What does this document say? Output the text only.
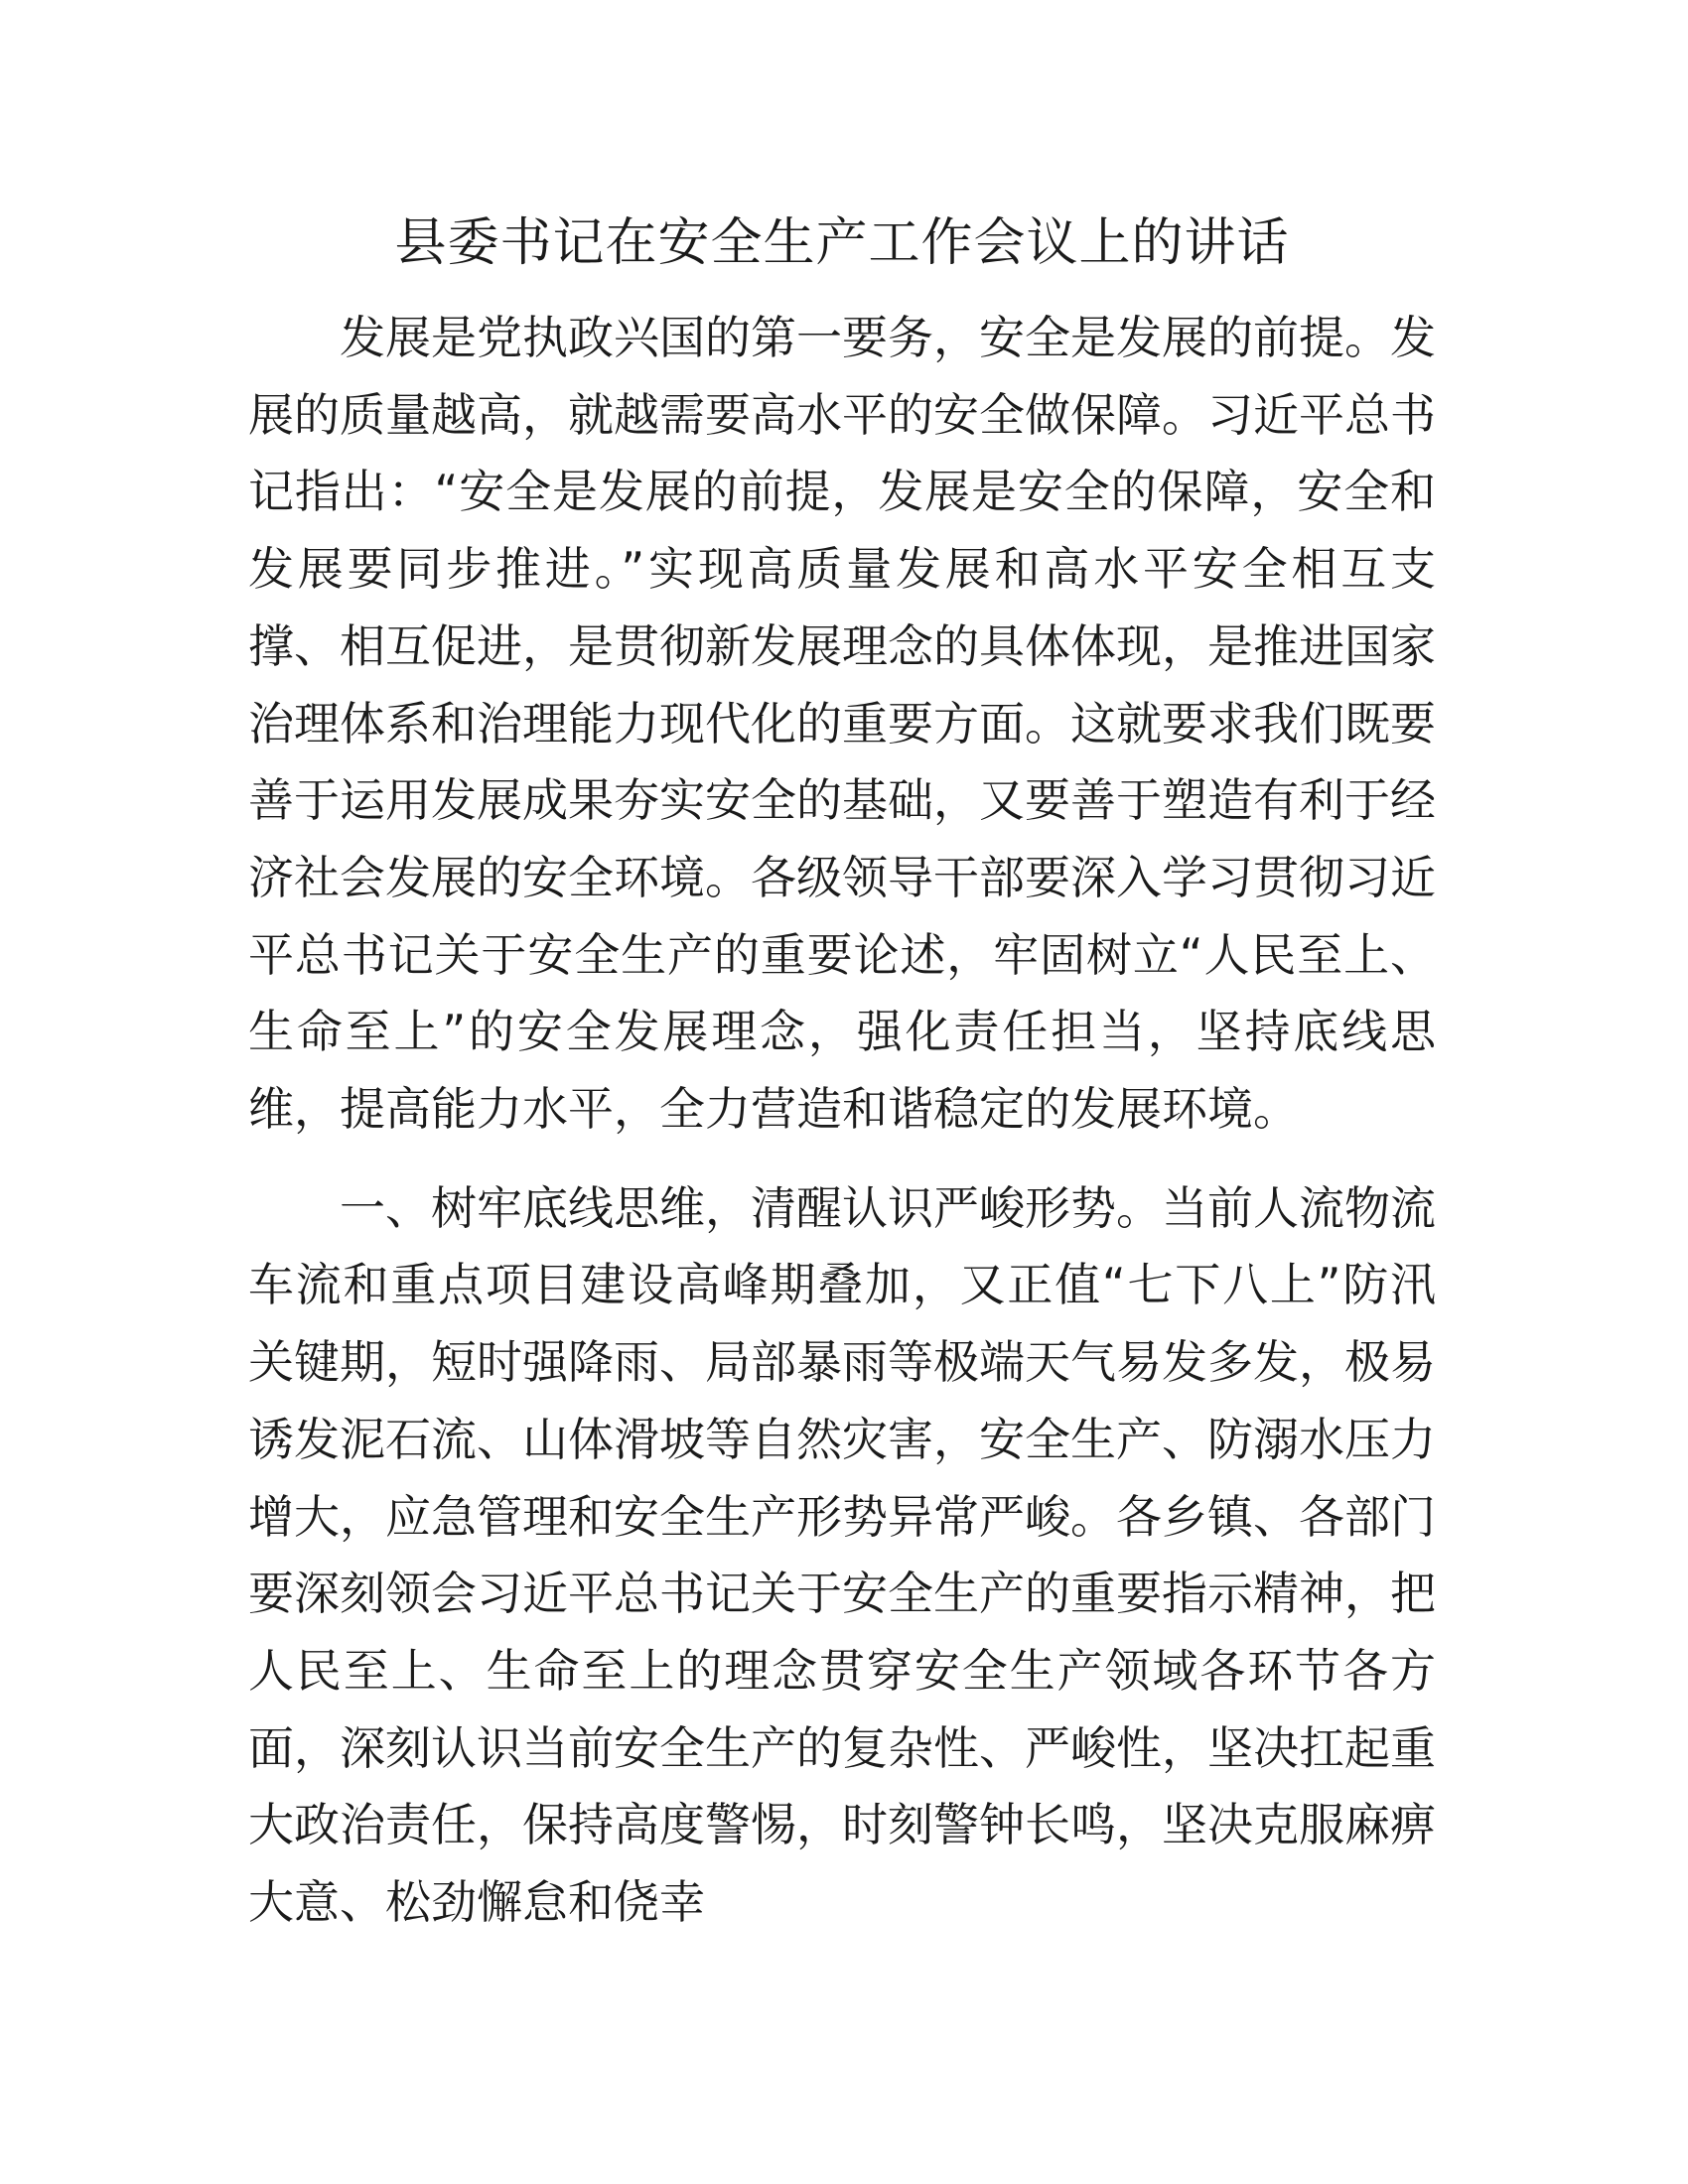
县委书记在安全生产工作会议上的讲话

发展是党执政兴国的第一要务，安全是发展的前提。发展的质量越高，就越需要高水平的安全做保障。习近平总书记指出：“安全是发展的前提，发展是安全的保障，安全和发展要同步推进。”实现高质量发展和高水平安全相互支撑、相互促进，是贯彻新发展理念的具体体现，是推进国家治理体系和治理能力现代化的重要方面。这就要求我们既要善于运用发展成果夯实安全的基础，又要善于塑造有利于经济社会发展的安全环境。各级领导干部要深入学习贯彻习近平总书记关于安全生产的重要论述，牢固树立“人民至上、生命至上”的安全发展理念，强化责任担当，坚持底线思维，提高能力水平，全力营造和谐稳定的发展环境。

一、树牢底线思维，清醒认识严峻形势。当前人流物流车流和重点项目建设高峰期叠加，又正值“七下八上”防汛关键期，短时强降雨、局部暴雨等极端天气易发多发，极易诱发泥石流、山体滑坡等自然灾害，安全生产、防溺水压力增大，应急管理和安全生产形势异常严峻。各乡镇、各部门要深刻领会习近平总书记关于安全生产的重要指示精神，把人民至上、生命至上的理念贯穿安全生产领域各环节各方面，深刻认识当前安全生产的复杂性、严峻性，坚决扛起重大政治责任，保持高度警惕，时刻警钟长鸣，坚决克服麻痹大意、松劲懈怠和侥幸
